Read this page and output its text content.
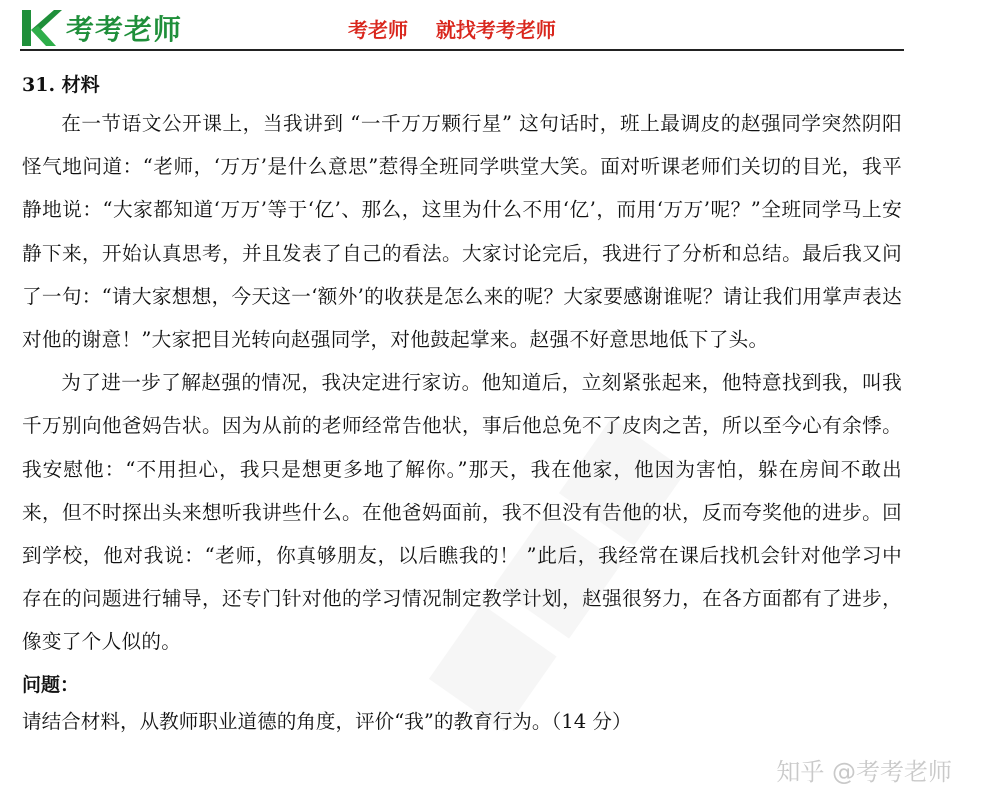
考考老师	考老师    就找考考老师

31. 材料

在一节语文公开课上，当我讲到 “一千万万颗行星” 这句话时，班上最调皮的赵强同学突然阴阳怪气地问道：“老师，‘万万’是什么意思”惹得全班同学哄堂大笑。面对听课老师们关切的目光，我平静地说：“大家都知道‘万万’等于‘亿’、那么，这里为什么不用‘亿’，而用‘万万’呢？”全班同学马上安静下来，开始认真思考，并且发表了自己的看法。大家讨论完后，我进行了分析和总结。最后我又问了一句：“请大家想想，今天这一‘额外’的收获是怎么来的呢？大家要感谢谁呢？请让我们用掌声表达对他的谢意！”大家把目光转向赵强同学，对他鼓起掌来。赵强不好意思地低下了头。

为了进一步了解赵强的情况，我决定进行家访。他知道后，立刻紧张起来，他特意找到我，叫我千万别向他爸妈告状。因为从前的老师经常告他状，事后他总免不了皮肉之苦，所以至今心有余悸。我安慰他：“不用担心，我只是想更多地了解你。”那天，我在他家，他因为害怕，躲在房间不敢出来，但不时探出头来想听我讲些什么。在他爸妈面前，我不但没有告他的状，反而夸奖他的进步。回到学校，他对我说：“老师，你真够朋友，以后瞧我的！ ”此后，我经常在课后找机会针对他学习中存在的问题进行辅导，还专门针对他的学习情况制定教学计划，赵强很努力，在各方面都有了进步，像变了个人似的。

问题：

请结合材料，从教师职业道德的角度，评价“我”的教育行为。（14 分）

知乎 @考考老师
